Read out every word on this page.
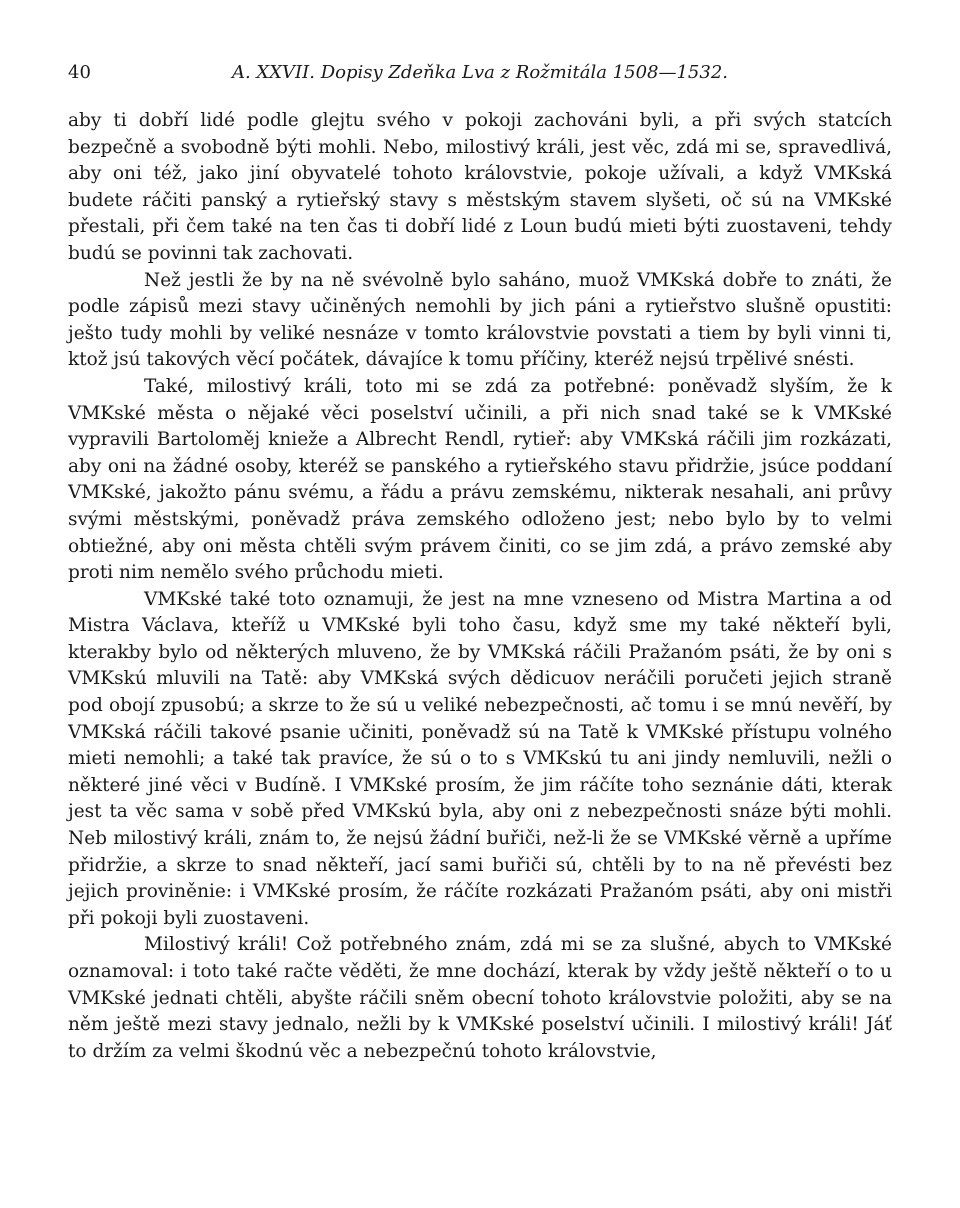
40	A. XXVII. Dopisy Zdeňka Lva z Rožmitála 1508—1532.

aby ti dobří lidé podle glejtu svého v pokoji zachováni byli, a při svých statcích bezpečně a svobodně býti mohli. Nebo, milostivý králi, jest věc, zdá mi se, spravedlivá, aby oni též, jako jiní obyvatelé tohoto královstvie, pokoje užívali, a když VMKská budete ráčiti panský a rytieřský stavy s městským stavem slyšeti, oč sú na VMKské přestali, při čem také na ten čas ti dobří lidé z Loun budú mieti býti zuostaveni, tehdy budú se povinni tak zachovati.

Než jestli že by na ně svévolně bylo saháno, muož VMKská dobře to znáti, že podle zápisů mezi stavy učiněných nemohli by jich páni a rytieřstvo slušně opustiti: ješto tudy mohli by veliké nesnáze v tomto královstvie povstati a tiem by byli vinni ti, ktož jsú takových věcí počátek, dávajíce k tomu příčiny, kteréž nejsú trpělivé snésti.

Také, milostivý králi, toto mi se zdá za potřebné: poněvadž slyším, že k VMKské města o nějaké věci poselství učinili, a při nich snad také se k VMKské vypravili Bartoloměj knieže a Albrecht Rendl, rytieř: aby VMKská ráčili jim rozkázati, aby oni na žádné osoby, kteréž se panského a rytieřského stavu přidržie, jsúce poddaní VMKské, jakožto pánu svému, a řádu a právu zemskému, nikterak nesahali, ani průvy svými městskými, poněvadž práva zemského odloženo jest; nebo bylo by to velmi obtiežné, aby oni města chtěli svým právem činiti, co se jim zdá, a právo zemské aby proti nim nemělo svého průchodu mieti.

VMKské také toto oznamuji, že jest na mne vzneseno od Mistra Martina a od Mistra Václava, kteříž u VMKské byli toho času, když sme my také někteří byli, kterakby bylo od některých mluveno, že by VMKská ráčili Pražanóm psáti, že by oni s VMKskú mluvili na Tatě: aby VMKská svých dědicuov neráčili poručeti jejich straně pod obojí zpusobú; a skrze to že sú u veliké nebezpečnosti, ač tomu i se mnú nevěří, by VMKská ráčili takové psanie učiniti, poněvadž sú na Tatě k VMKské přístupu volného mieti nemohli; a také tak pravíce, že sú o to s VMKskú tu ani jindy nemluvili, nežli o některé jiné věci v Budíně. I VMKské prosím, že jim ráčíte toho seznánie dáti, kterak jest ta věc sama v sobě před VMKskú byla, aby oni z nebezpečnosti snáze býti mohli. Neb milostivý králi, znám to, že nejsú žádní buřiči, než-li že se VMKské věrně a upříme přidržie, a skrze to snad někteří, jací sami buřiči sú, chtěli by to na ně převésti bez jejich proviněnie: i VMKské prosím, že ráčíte rozkázati Pražanóm psáti, aby oni mistři při pokoji byli zuostaveni.

Milostivý králi! Což potřebného znám, zdá mi se za slušné, abych to VMKské oznamoval: i toto také račte věděti, že mne dochází, kterak by vždy ještě někteří o to u VMKské jednati chtěli, abyšte ráčili sněm obecní tohoto královstvie položiti, aby se na něm ještě mezi stavy jednalo, nežli by k VMKské poselství učinili. I milostivý králi! Jáť to držím za velmi škodnú věc a nebezpečnú tohoto královstvie,
